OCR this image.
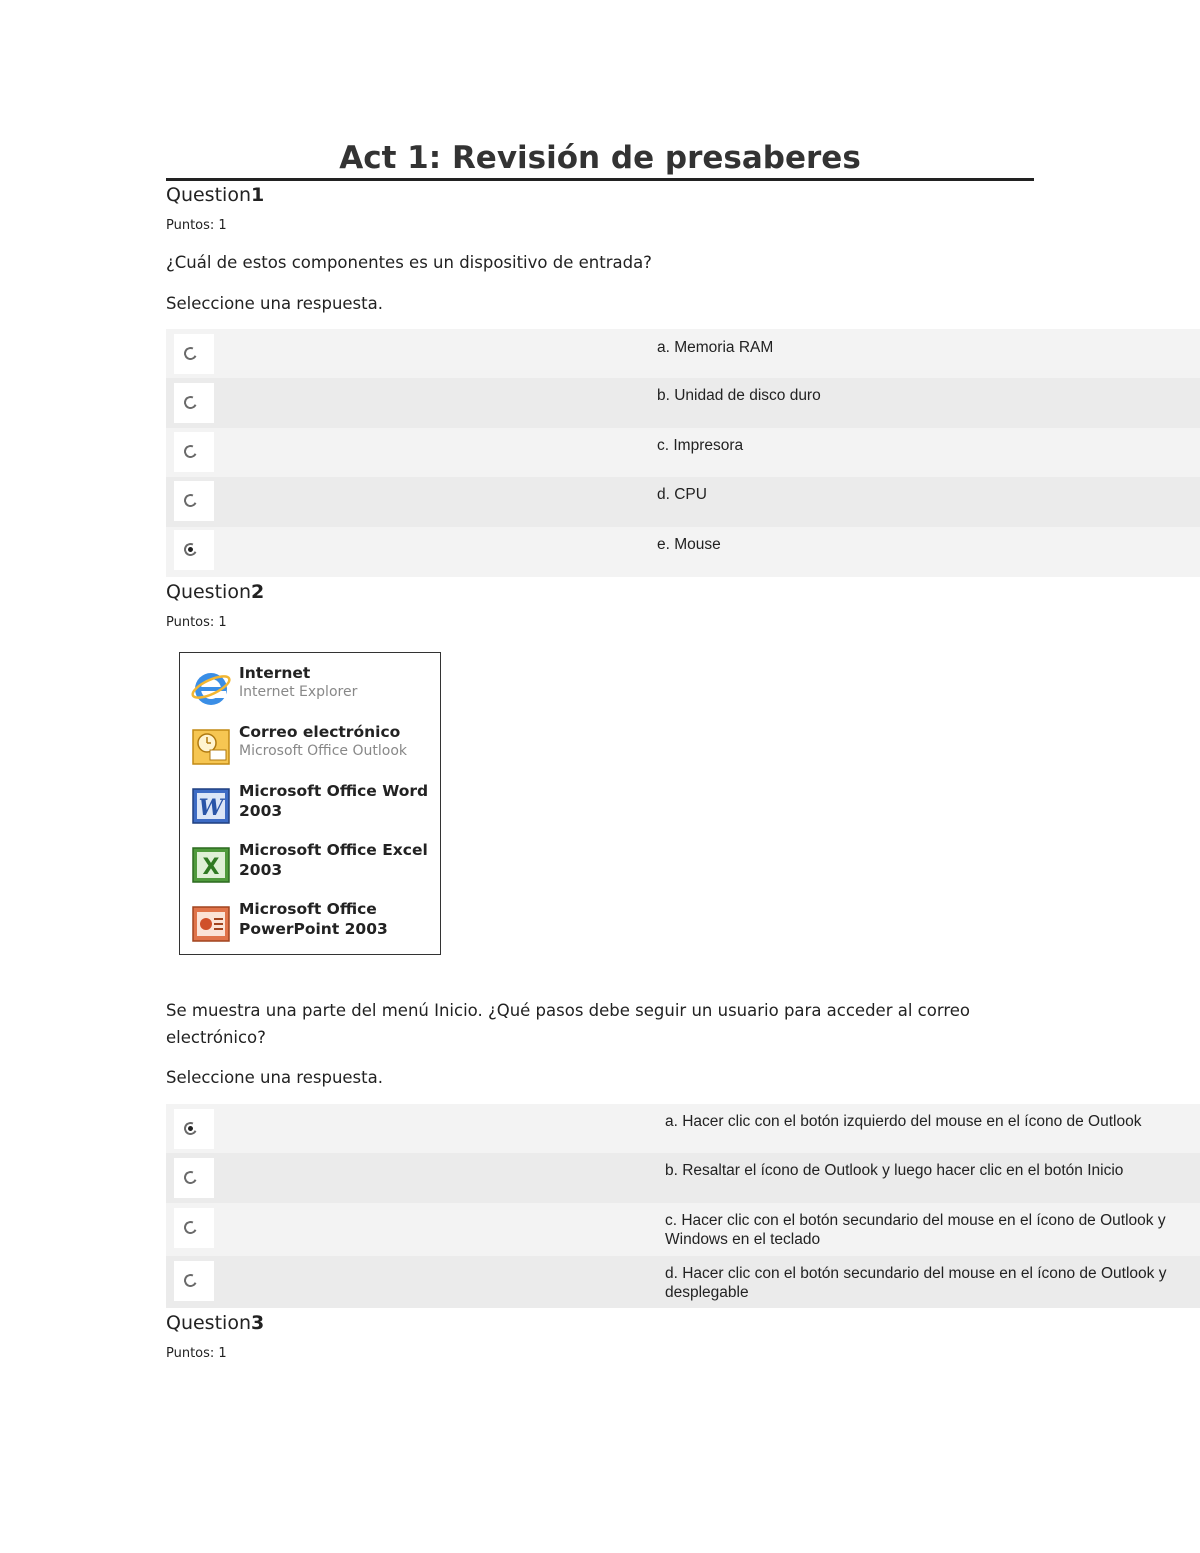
Act 1: Revisión de presaberes
Question1
Puntos: 1
¿Cuál de estos componentes es un dispositivo de entrada?
Seleccione una respuesta.
a. Memoria RAM
b. Unidad de disco duro
c. Impresora
d. CPU
e. Mouse
Question2
Puntos: 1
Internet
Internet Explorer
Correo electrónico
Microsoft Office Outlook
W
Microsoft Office Word 2003
X
Microsoft Office Excel 2003
Microsoft Office PowerPoint 2003
Se muestra una parte del menú Inicio. ¿Qué pasos debe seguir un usuario para acceder al correo electrónico?
Seleccione una respuesta.
a. Hacer clic con el botón izquierdo del mouse en el ícono de Outlook
b. Resaltar el ícono de Outlook y luego hacer clic en el botón Inicio
c. Hacer clic con el botón secundario del mouse en el ícono de Outlook y
Windows en el teclado
d. Hacer clic con el botón secundario del mouse en el ícono de Outlook y
desplegable
Question3
Puntos: 1
